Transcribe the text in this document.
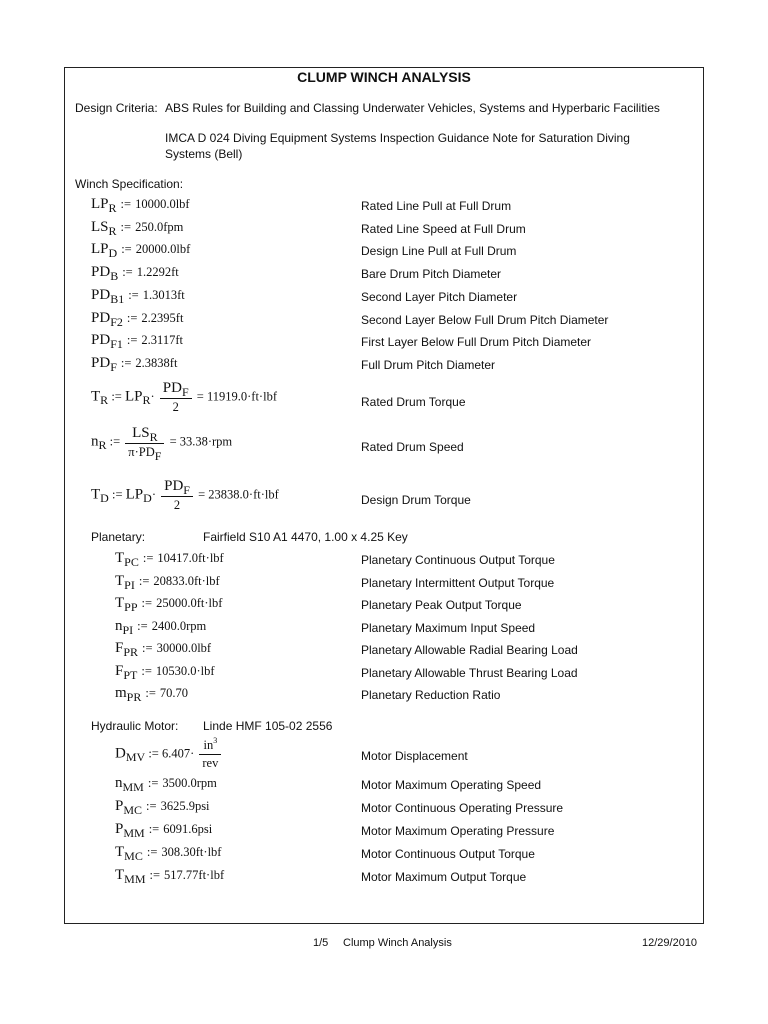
CLUMP WINCH ANALYSIS
Design Criteria: ABS Rules for Building and Classing Underwater Vehicles, Systems and Hyperbaric Facilities
IMCA D 024 Diving Equipment Systems Inspection Guidance Note for Saturation Diving
Systems (Bell)
Winch Specification:
LPR := 10000.0lbf	Rated Line Pull at Full Drum
LSR := 250.0fpm	Rated Line Speed at Full Drum
LPD := 20000.0lbf	Design Line Pull at Full Drum
PDB := 1.2292ft	Bare Drum Pitch Diameter
PDB1 := 1.3013ft	Second Layer Pitch Diameter
PDF2 := 2.2395ft	Second Layer Below Full Drum Pitch Diameter
PDF1 := 2.3117ft	First Layer Below Full Drum Pitch Diameter
PDF := 2.3838ft	Full Drum Pitch Diameter
TR := $LPR\cdot \frac{\text{PDF}}{2} = 11919.0\cdot ft\cdot lbf$	Rated Drum Torque
nR := $\frac{\text{LSR}}{\text{π·PDF}} = 33.38\cdot rpm$	Rated Drum Speed
TD := $LPD\cdot \frac{\text{PDF}}{2} = 23838.0\cdot ft\cdot lbf$	Design Drum Torque
Planetary:	Fairfield S10 A1 4470, 1.00 x 4.25 Key
TPC := 10417.0ft·lbf	Planetary Continuous Output Torque
TPI := 20833.0ft·lbf	Planetary Intermittent Output Torque
TPP := 25000.0ft·lbf	Planetary Peak Output Torque
nPI := 2400.0rpm	Planetary Maximum Input Speed
FPR := 30000.0lbf	Planetary Allowable Radial Bearing Load
FPT := 10530.0·lbf	Planetary Allowable Thrust Bearing Load
mPR := 70.70	Planetary Reduction Ratio
Hydraulic Motor: Linde HMF 105-02 2556
DMV := $6.407\cdot \frac{in^3}{\text{rev}}$	Motor Displacement
nMM := 3500.0rpm	Motor Maximum Operating Speed
PMC := 3625.9psi	Motor Continuous Operating Pressure
PMM := 6091.6psi	Motor Maximum Operating Pressure
TMC := 308.30ft·lbf	Motor Continuous Output Torque
TMM := 517.77ft·lbf	Motor Maximum Output Torque
1/5 Clump Winch Analysis	12/29/2010
